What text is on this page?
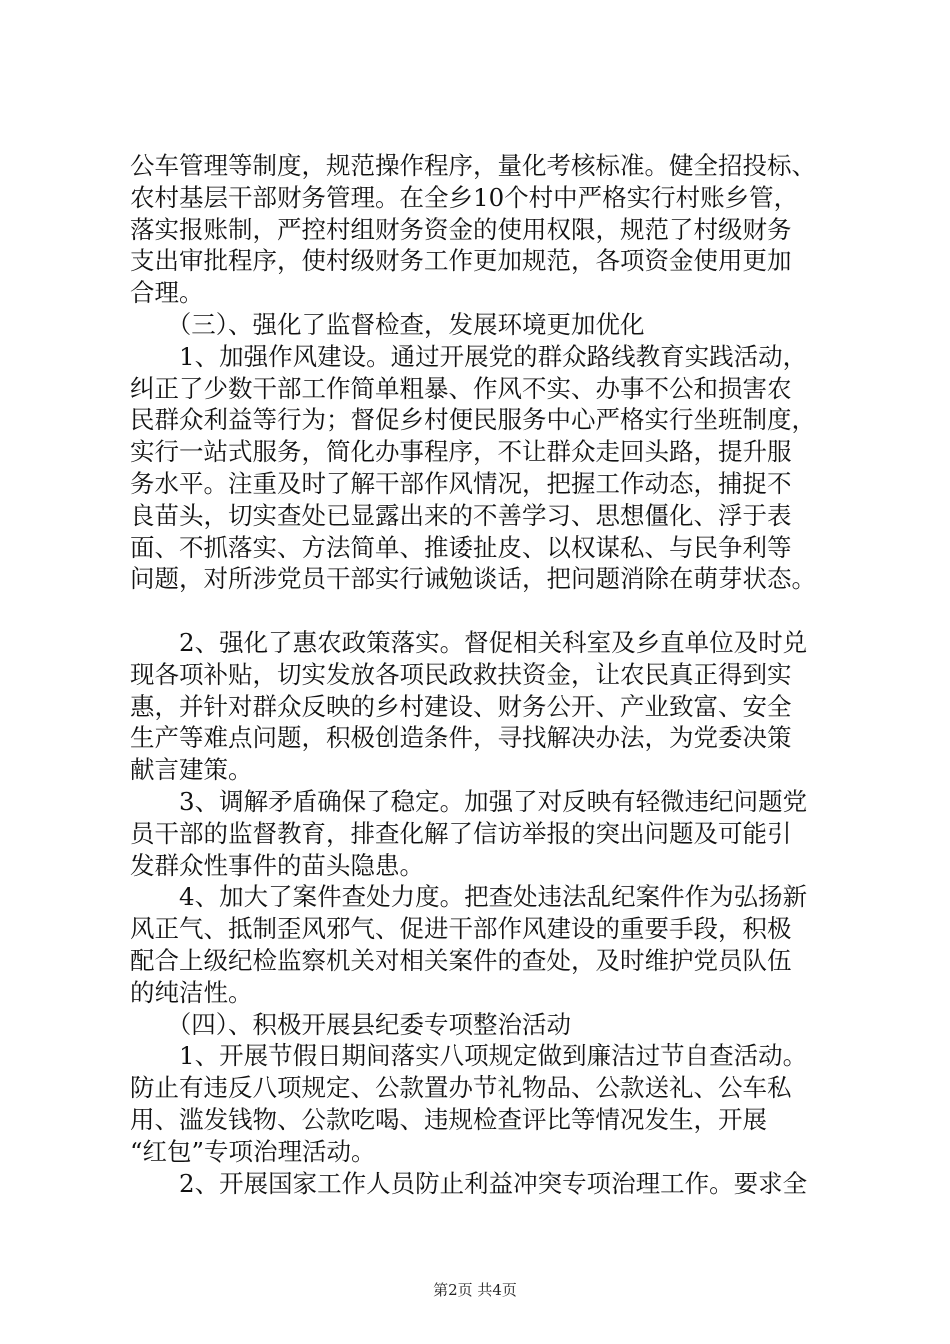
公车管理等制度，规范操作程序，量化考核标准。健全招投标、
农村基层干部财务管理。在全乡10个村中严格实行村账乡管，
落实报账制，严控村组财务资金的使用权限，规范了村级财务
支出审批程序，使村级财务工作更加规范，各项资金使用更加
合理。
　　（三）、强化了监督检查，发展环境更加优化
　　1、加强作风建设。通过开展党的群众路线教育实践活动，
纠正了少数干部工作简单粗暴、作风不实、办事不公和损害农
民群众利益等行为；督促乡村便民服务中心严格实行坐班制度，
实行一站式服务，简化办事程序，不让群众走回头路，提升服
务水平。注重及时了解干部作风情况，把握工作动态，捕捉不
良苗头，切实查处已显露出来的不善学习、思想僵化、浮于表
面、不抓落实、方法简单、推诿扯皮、以权谋私、与民争利等
问题，对所涉党员干部实行诫勉谈话，把问题消除在萌芽状态。
　　2、强化了惠农政策落实。督促相关科室及乡直单位及时兑
现各项补贴，切实发放各项民政救扶资金，让农民真正得到实
惠，并针对群众反映的乡村建设、财务公开、产业致富、安全
生产等难点问题，积极创造条件，寻找解决办法，为党委决策
献言建策。
　　3、调解矛盾确保了稳定。加强了对反映有轻微违纪问题党
员干部的监督教育，排查化解了信访举报的突出问题及可能引
发群众性事件的苗头隐患。
　　4、加大了案件查处力度。把查处违法乱纪案件作为弘扬新
风正气、抵制歪风邪气、促进干部作风建设的重要手段，积极
配合上级纪检监察机关对相关案件的查处，及时维护党员队伍
的纯洁性。
　　（四）、积极开展县纪委专项整治活动
　　1、开展节假日期间落实八项规定做到廉洁过节自查活动。
防止有违反八项规定、公款置办节礼物品、公款送礼、公车私
用、滥发钱物、公款吃喝、违规检查评比等情况发生，开展
“红包”专项治理活动。
　　2、开展国家工作人员防止利益冲突专项治理工作。要求全
第2页 共4页
